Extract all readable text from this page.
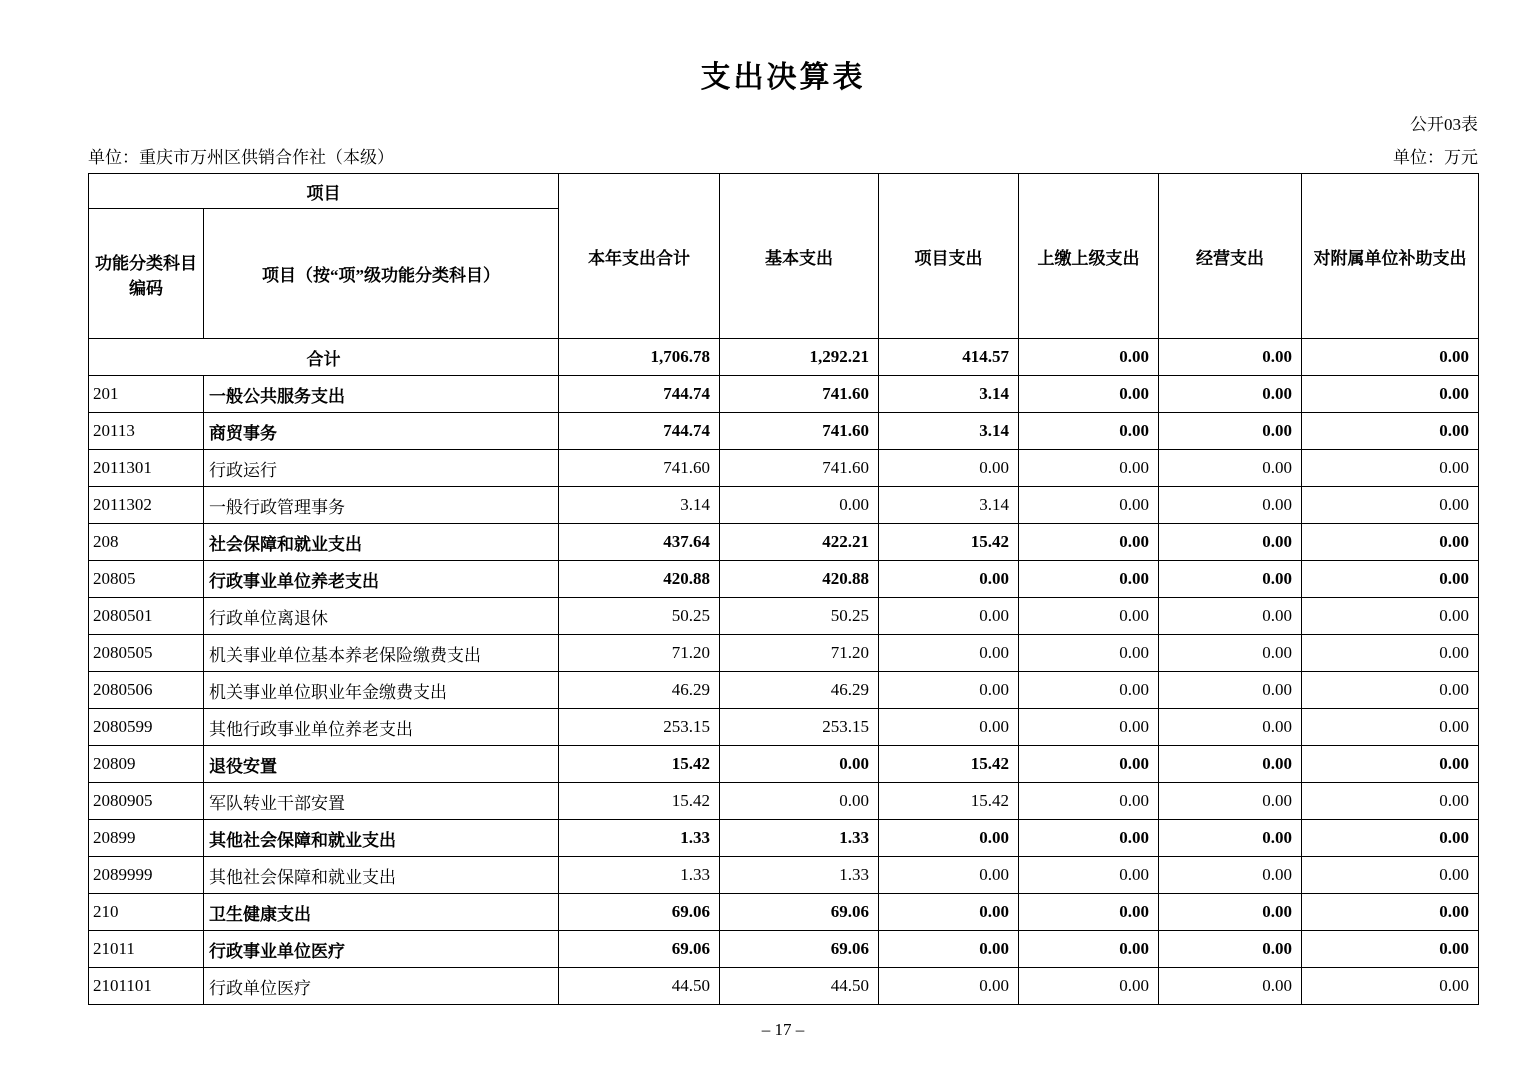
支出决算表
公开03表
单位：重庆市万州区供销合作社（本级）	单位：万元
项目		本年支出合计	基本支出	项目支出	上缴上级支出	经营支出	对附属单位补助支出
功能分类科目编码	项目（按“项”级功能分类科目）						
合计		1,706.78	1,292.21	414.57	0.00	0.00	0.00
201	一般公共服务支出	744.74	741.60	3.14	0.00	0.00	0.00
20113	商贸事务	744.74	741.60	3.14	0.00	0.00	0.00
2011301	行政运行	741.60	741.60	0.00	0.00	0.00	0.00
2011302	一般行政管理事务	3.14	0.00	3.14	0.00	0.00	0.00
208	社会保障和就业支出	437.64	422.21	15.42	0.00	0.00	0.00
20805	行政事业单位养老支出	420.88	420.88	0.00	0.00	0.00	0.00
2080501	行政单位离退休	50.25	50.25	0.00	0.00	0.00	0.00
2080505	机关事业单位基本养老保险缴费支出	71.20	71.20	0.00	0.00	0.00	0.00
2080506	机关事业单位职业年金缴费支出	46.29	46.29	0.00	0.00	0.00	0.00
2080599	其他行政事业单位养老支出	253.15	253.15	0.00	0.00	0.00	0.00
20809	退役安置	15.42	0.00	15.42	0.00	0.00	0.00
2080905	军队转业干部安置	15.42	0.00	15.42	0.00	0.00	0.00
20899	其他社会保障和就业支出	1.33	1.33	0.00	0.00	0.00	0.00
2089999	其他社会保障和就业支出	1.33	1.33	0.00	0.00	0.00	0.00
210	卫生健康支出	69.06	69.06	0.00	0.00	0.00	0.00
21011	行政事业单位医疗	69.06	69.06	0.00	0.00	0.00	0.00
2101101	行政单位医疗	44.50	44.50	0.00	0.00	0.00	0.00
– 17 –
